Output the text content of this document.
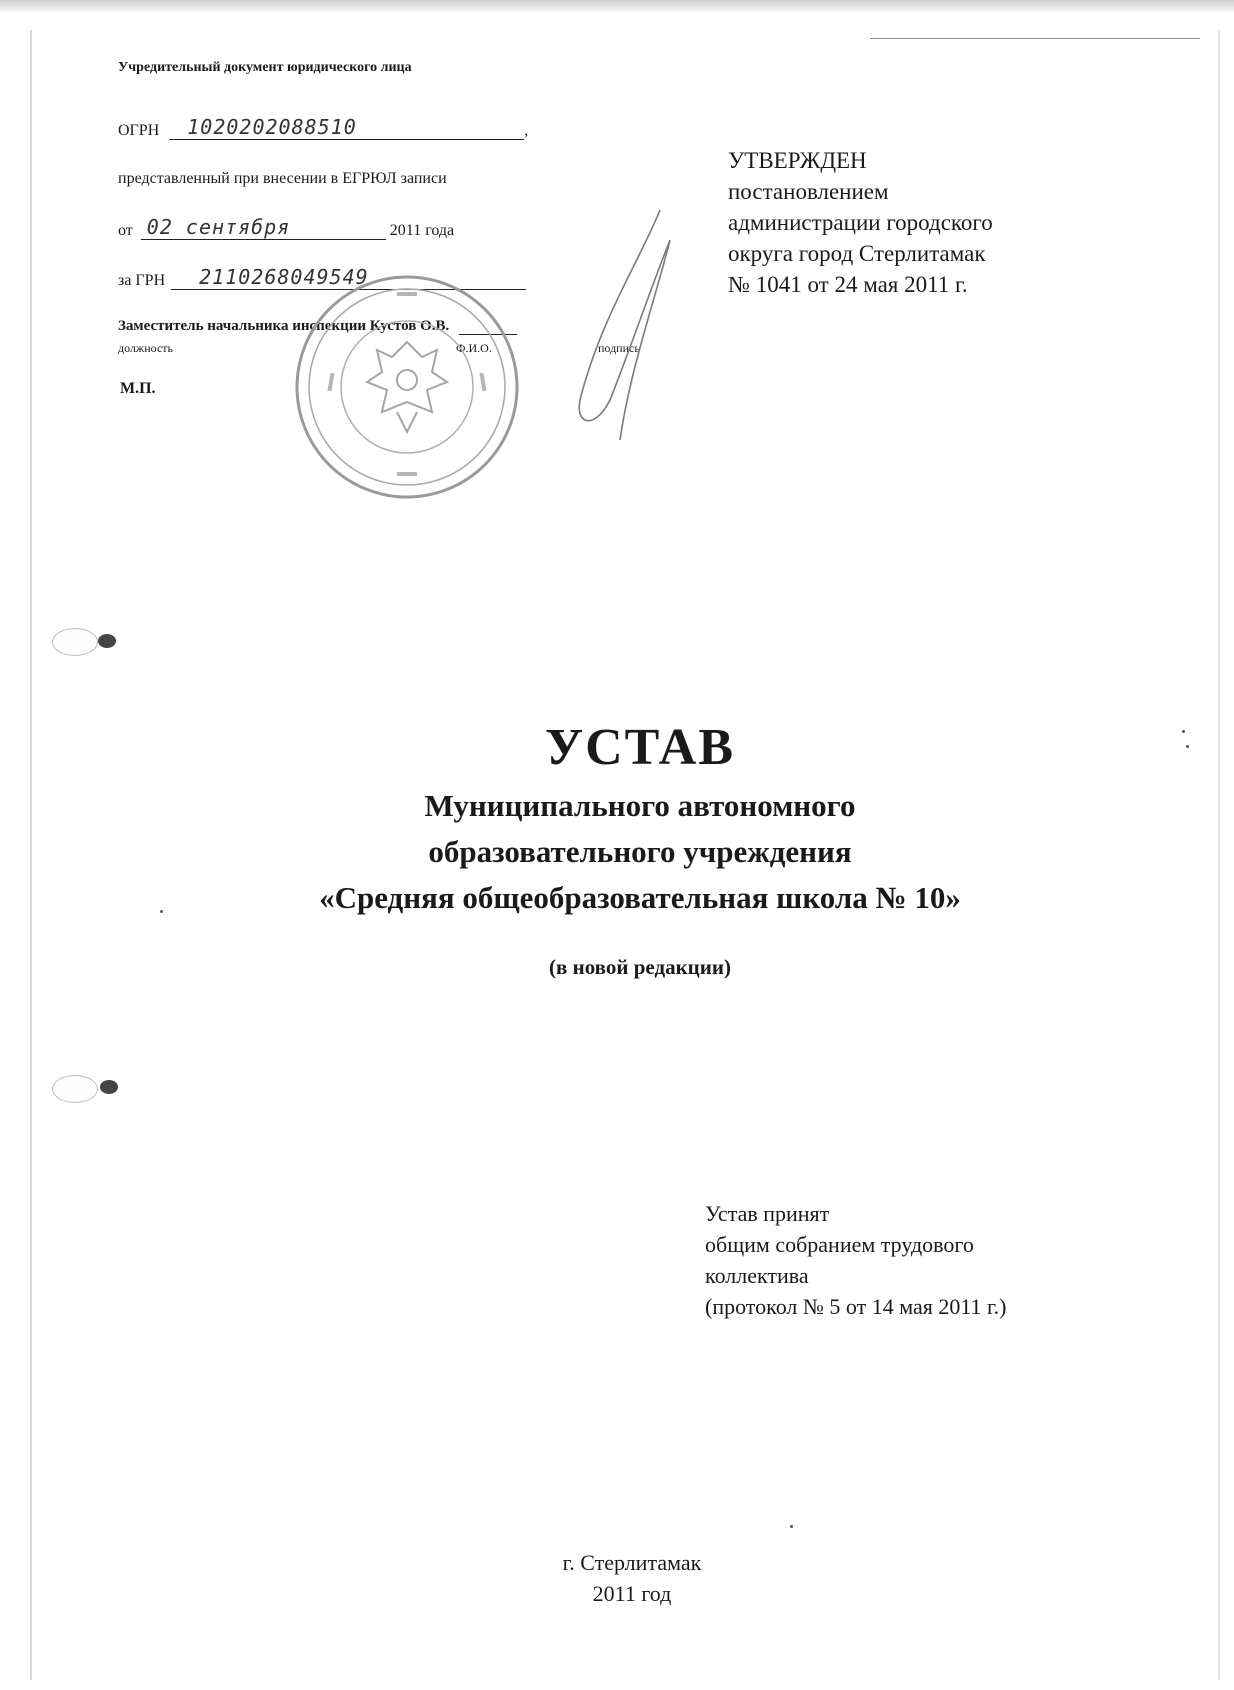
Учредительный документ юридического лица
ОГРН 1020202088510	,
представленный при внесении в ЕГРЮЛ записи
от 02 сентября	2011 года
за ГРН 2110268049549
Заместитель начальника инспекции Кустов О.В.
должность	Ф.И.О.	подпись
М.П.
УТВЕРЖДЕН
постановлением
администрации городского
округа город Стерлитамак
№ 1041 от 24 мая 2011 г.
УСТАВ
Муниципального автономного
образовательного учреждения
«Средняя общеобразовательная школа № 10»
(в новой редакции)
Устав принят
общим собранием трудового
коллектива
(протокол № 5 от 14 мая 2011 г.)
г. Стерлитамак
2011 год
